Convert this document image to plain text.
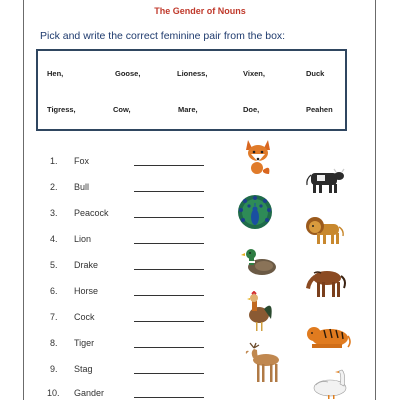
The Gender of Nouns
Pick and write the correct feminine pair from the box:
Hen,	Goose,	Lioness,	Vixen,	Duck
Tigress,	Cow,	Mare,	Doe,	Peahen
1. Fox
2. Bull
3. Peacock
4. Lion
5. Drake
6. Horse
7. Cock
8. Tiger
9. Stag
10. Gander
